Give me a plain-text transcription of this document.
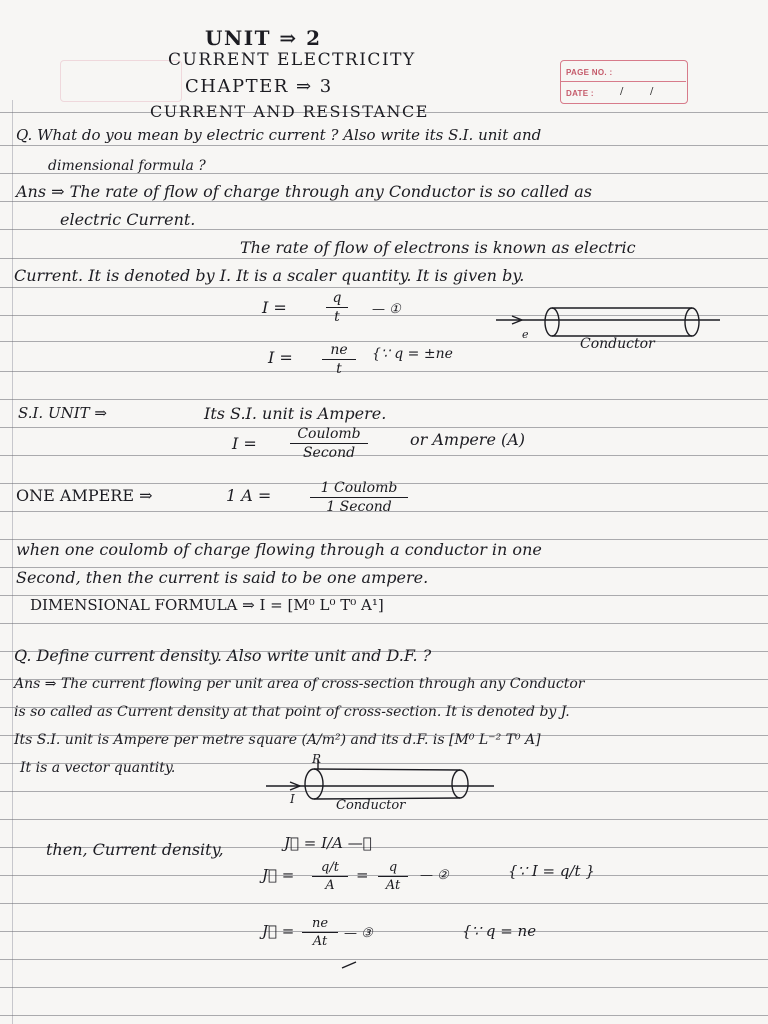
PAGE NO. :
DATE :	/	/
UNIT ⇒ 2
CURRENT ELECTRICITY
CHAPTER ⇒ 3
CURRENT AND RESISTANCE
Q. What do you mean by electric current ? Also write its S.I. unit and
dimensional formula ?
Ans ⇒ The rate of flow of charge through any Conductor is so called as
electric Current.
The rate of flow of electrons is known as electric
Current. It is denoted by I. It is a scaler quantity. It is given by.
I =	q
t	— ①
e
Conductor
I =	ne
t
{∵ q = ±ne
S.I. UNIT ⇒	Its S.I. unit is Ampere.
I =	Coulomb
Second
or Ampere (A)
ONE AMPERE ⇒	1 A =	1 Coulomb
1 Second
when one coulomb of charge flowing through a conductor in one
Second, then the current is said to be one ampere.
DIMENSIONAL FORMULA ⇒ I = [M⁰ L⁰ T⁰ A¹]
Q. Define current density. Also write unit and D.F. ?
Ans ⇒ The current flowing per unit area of cross-section through any Conductor
is so called as Current density at that point of cross-section. It is denoted by J.
Its S.I. unit is Ampere per metre square (A/m²) and its d.F. is [M⁰ L⁻² T⁰ A]
It is a vector quantity.
R
I	Conductor
then, Current density,	J⃗ = I/A —①
J⃗ =	q/t
A
=	q
At
— ②	{∵ I = q/t }
J⃗ =	ne
At
— ③	{∵ q = ne
